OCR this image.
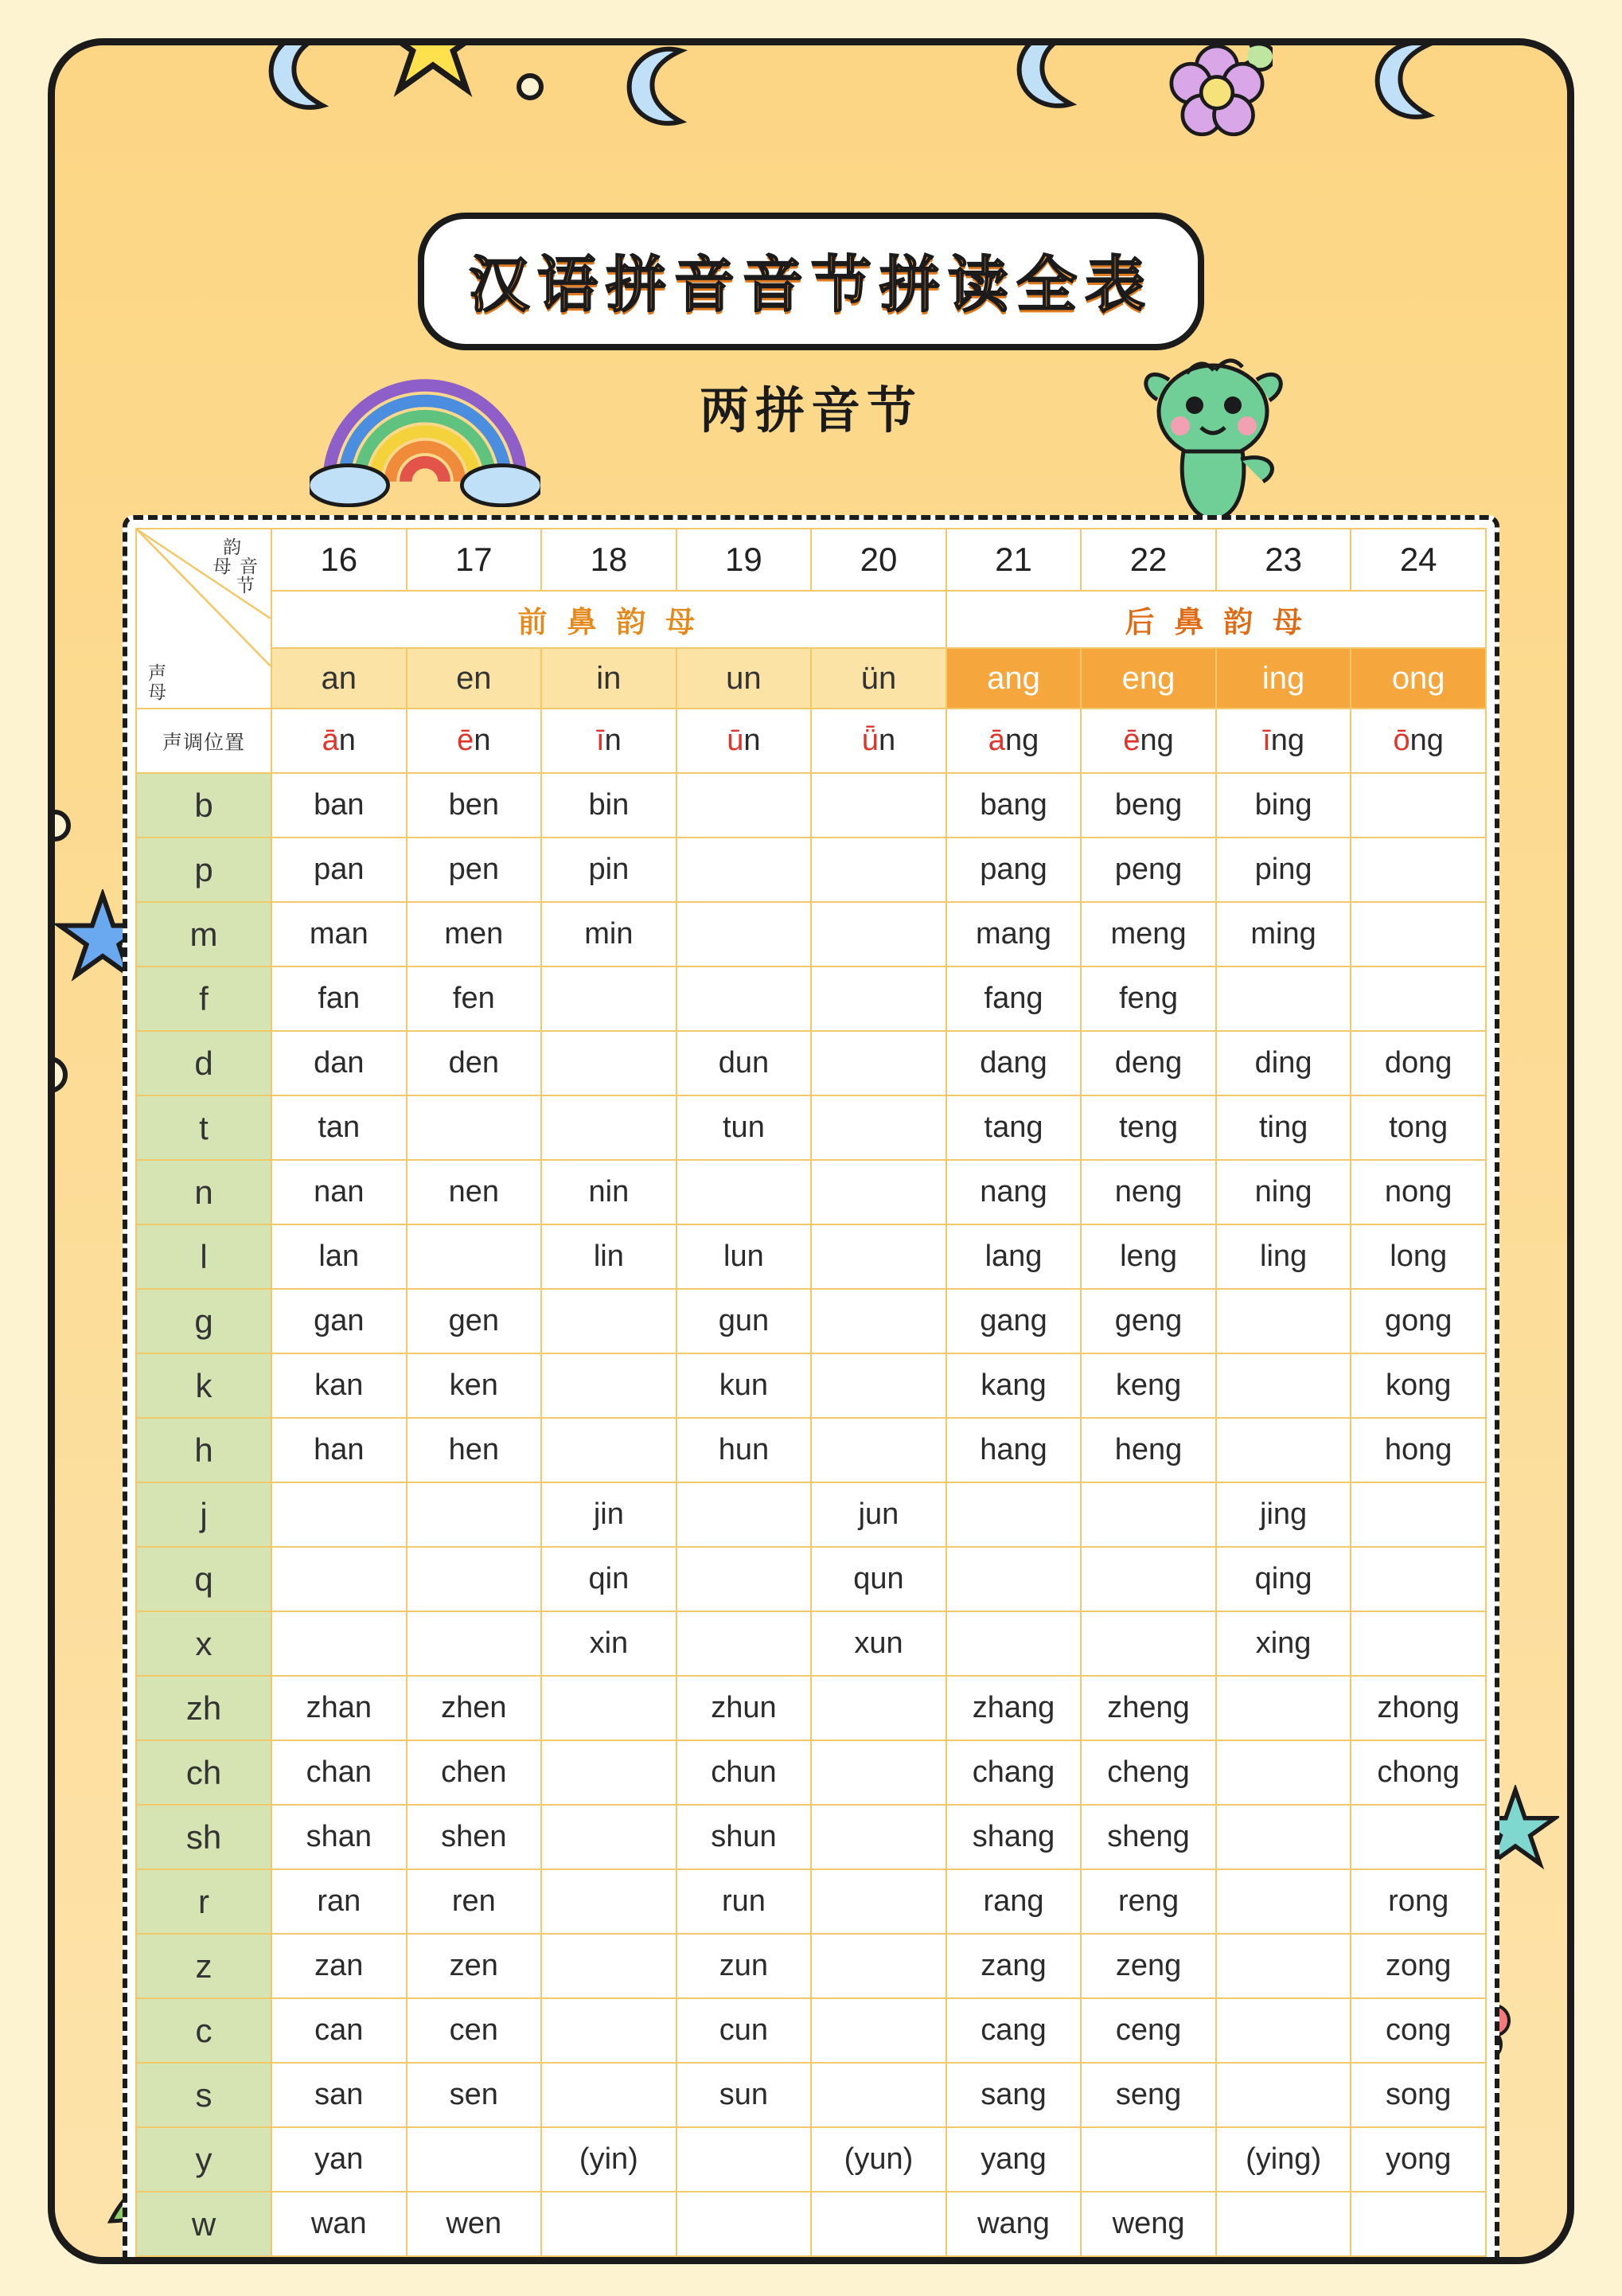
汉语拼音音节拼读全表
两拼音节
韵
母 音
节
声
母	16	17	18	19	20	21	22	23	24
	前 鼻 韵 母					后 鼻 韵 母			
	an	en	in	un	ün	ang	eng	ing	ong
声调位置	ān	ēn	īn	ūn	ǖn	āng	ēng	īng	ōng
b	ban	ben	bin			bang	beng	bing	
p	pan	pen	pin			pang	peng	ping	
m	man	men	min			mang	meng	ming	
f	fan	fen				fang	feng		
d	dan	den		dun		dang	deng	ding	dong
t	tan			tun		tang	teng	ting	tong
n	nan	nen	nin			nang	neng	ning	nong
l	lan		lin	lun		lang	leng	ling	long
g	gan	gen		gun		gang	geng		gong
k	kan	ken		kun		kang	keng		kong
h	han	hen		hun		hang	heng		hong
j			jin		jun			jing	
q			qin		qun			qing	
x			xin		xun			xing	
zh	zhan	zhen		zhun		zhang	zheng		zhong
ch	chan	chen		chun		chang	cheng		chong
sh	shan	shen		shun		shang	sheng		
r	ran	ren		run		rang	reng		rong
z	zan	zen		zun		zang	zeng		zong
c	can	cen		cun		cang	ceng		cong
s	san	sen		sun		sang	seng		song
y	yan		(yin)		(yun)	yang		(ying)	yong
w	wan	wen				wang	weng		
